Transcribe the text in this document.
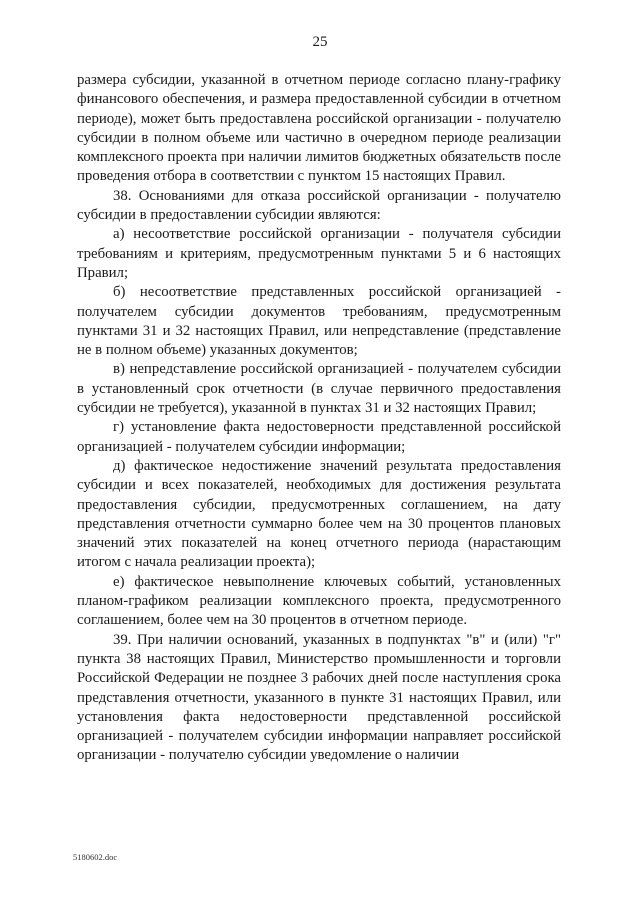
25

размера субсидии, указанной в отчетном периоде согласно плану-графику финансового обеспечения, и размера предоставленной субсидии в отчетном периоде), может быть предоставлена российской организации - получателю субсидии в полном объеме или частично в очередном периоде реализации комплексного проекта при наличии лимитов бюджетных обязательств после проведения отбора в соответствии с пунктом 15 настоящих Правил.

38. Основаниями для отказа российской организации - получателю субсидии в предоставлении субсидии являются:

а) несоответствие российской организации - получателя субсидии требованиям и критериям, предусмотренным пунктами 5 и 6 настоящих Правил;

б) несоответствие представленных российской организацией - получателем субсидии документов требованиям, предусмотренным пунктами 31 и 32 настоящих Правил, или непредставление (представление не в полном объеме) указанных документов;

в) непредставление российской организацией - получателем субсидии в установленный срок отчетности (в случае первичного предоставления субсидии не требуется), указанной в пунктах 31 и 32 настоящих Правил;

г) установление факта недостоверности представленной российской организацией - получателем субсидии информации;

д) фактическое недостижение значений результата предоставления субсидии и всех показателей, необходимых для достижения результата предоставления субсидии, предусмотренных соглашением, на дату представления отчетности суммарно более чем на 30 процентов плановых значений этих показателей на конец отчетного периода (нарастающим итогом с начала реализации проекта);

е) фактическое невыполнение ключевых событий, установленных планом-графиком реализации комплексного проекта, предусмотренного соглашением, более чем на 30 процентов в отчетном периоде.

39. При наличии оснований, указанных в подпунктах "в" и (или) "г" пункта 38 настоящих Правил, Министерство промышленности и торговли Российской Федерации не позднее 3 рабочих дней после наступления срока представления отчетности, указанного в пункте 31 настоящих Правил, или установления факта недостоверности представленной российской организацией - получателем субсидии информации направляет российской организации - получателю субсидии уведомление о наличии

5180602.doc
